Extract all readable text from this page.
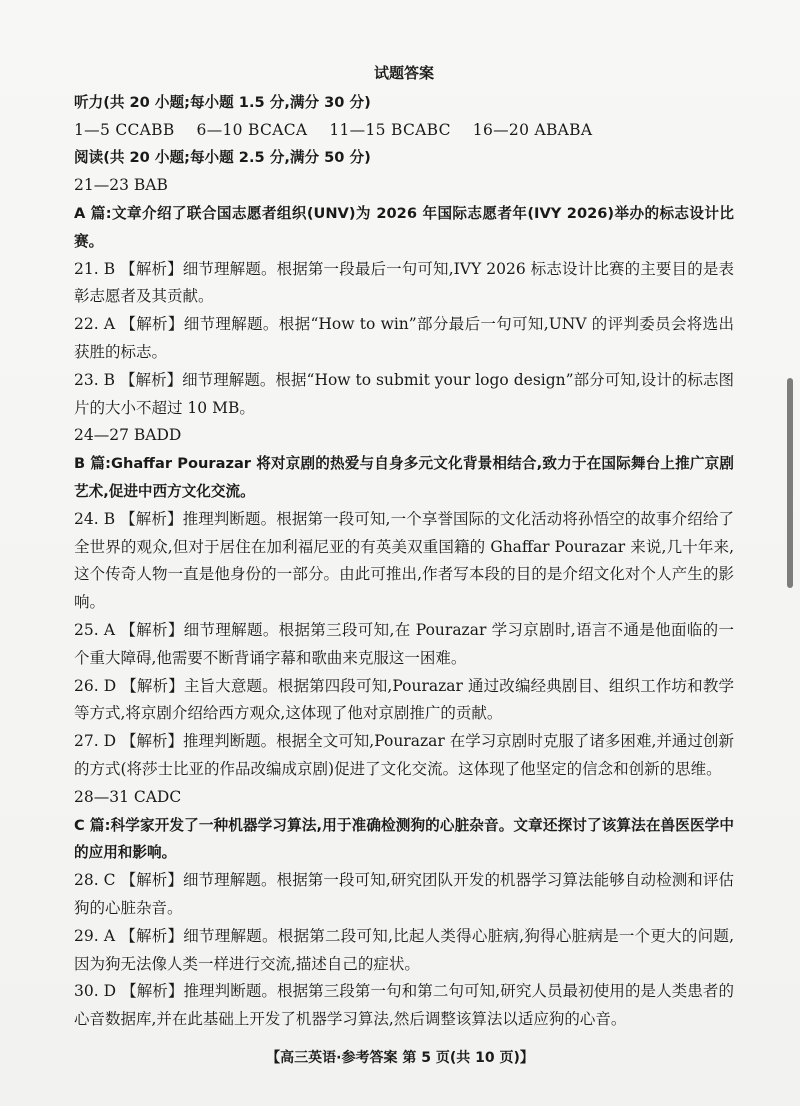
试题答案
听力(共 20 小题;每小题 1.5 分,满分 30 分)
1—5 CCABB 6—10 BCACA 11—15 BCABC 16—20 ABABA
阅读(共 20 小题;每小题 2.5 分,满分 50 分)
21—23 BAB
A 篇:文章介绍了联合国志愿者组织(UNV)为 2026 年国际志愿者年(IVY 2026)举办的标志设计比赛。
21. B 【解析】细节理解题。根据第一段最后一句可知,IVY 2026 标志设计比赛的主要目的是表彰志愿者及其贡献。
22. A 【解析】细节理解题。根据“How to win”部分最后一句可知,UNV 的评判委员会将选出获胜的标志。
23. B 【解析】细节理解题。根据“How to submit your logo design”部分可知,设计的标志图片的大小不超过 10 MB。
24—27 BADD
B 篇:Ghaffar Pourazar 将对京剧的热爱与自身多元文化背景相结合,致力于在国际舞台上推广京剧艺术,促进中西方文化交流。
24. B 【解析】推理判断题。根据第一段可知,一个享誉国际的文化活动将孙悟空的故事介绍给了全世界的观众,但对于居住在加利福尼亚的有英美双重国籍的 Ghaffar Pourazar 来说,几十年来,这个传奇人物一直是他身份的一部分。由此可推出,作者写本段的目的是介绍文化对个人产生的影响。
25. A 【解析】细节理解题。根据第三段可知,在 Pourazar 学习京剧时,语言不通是他面临的一个重大障碍,他需要不断背诵字幕和歌曲来克服这一困难。
26. D 【解析】主旨大意题。根据第四段可知,Pourazar 通过改编经典剧目、组织工作坊和教学等方式,将京剧介绍给西方观众,这体现了他对京剧推广的贡献。
27. D 【解析】推理判断题。根据全文可知,Pourazar 在学习京剧时克服了诸多困难,并通过创新的方式(将莎士比亚的作品改编成京剧)促进了文化交流。这体现了他坚定的信念和创新的思维。
28—31 CADC
C 篇:科学家开发了一种机器学习算法,用于准确检测狗的心脏杂音。文章还探讨了该算法在兽医医学中的应用和影响。
28. C 【解析】细节理解题。根据第一段可知,研究团队开发的机器学习算法能够自动检测和评估狗的心脏杂音。
29. A 【解析】细节理解题。根据第二段可知,比起人类得心脏病,狗得心脏病是一个更大的问题,因为狗无法像人类一样进行交流,描述自己的症状。
30. D 【解析】推理判断题。根据第三段第一句和第二句可知,研究人员最初使用的是人类患者的心音数据库,并在此基础上开发了机器学习算法,然后调整该算法以适应狗的心音。
【高三英语·参考答案 第 5 页(共 10 页)】
